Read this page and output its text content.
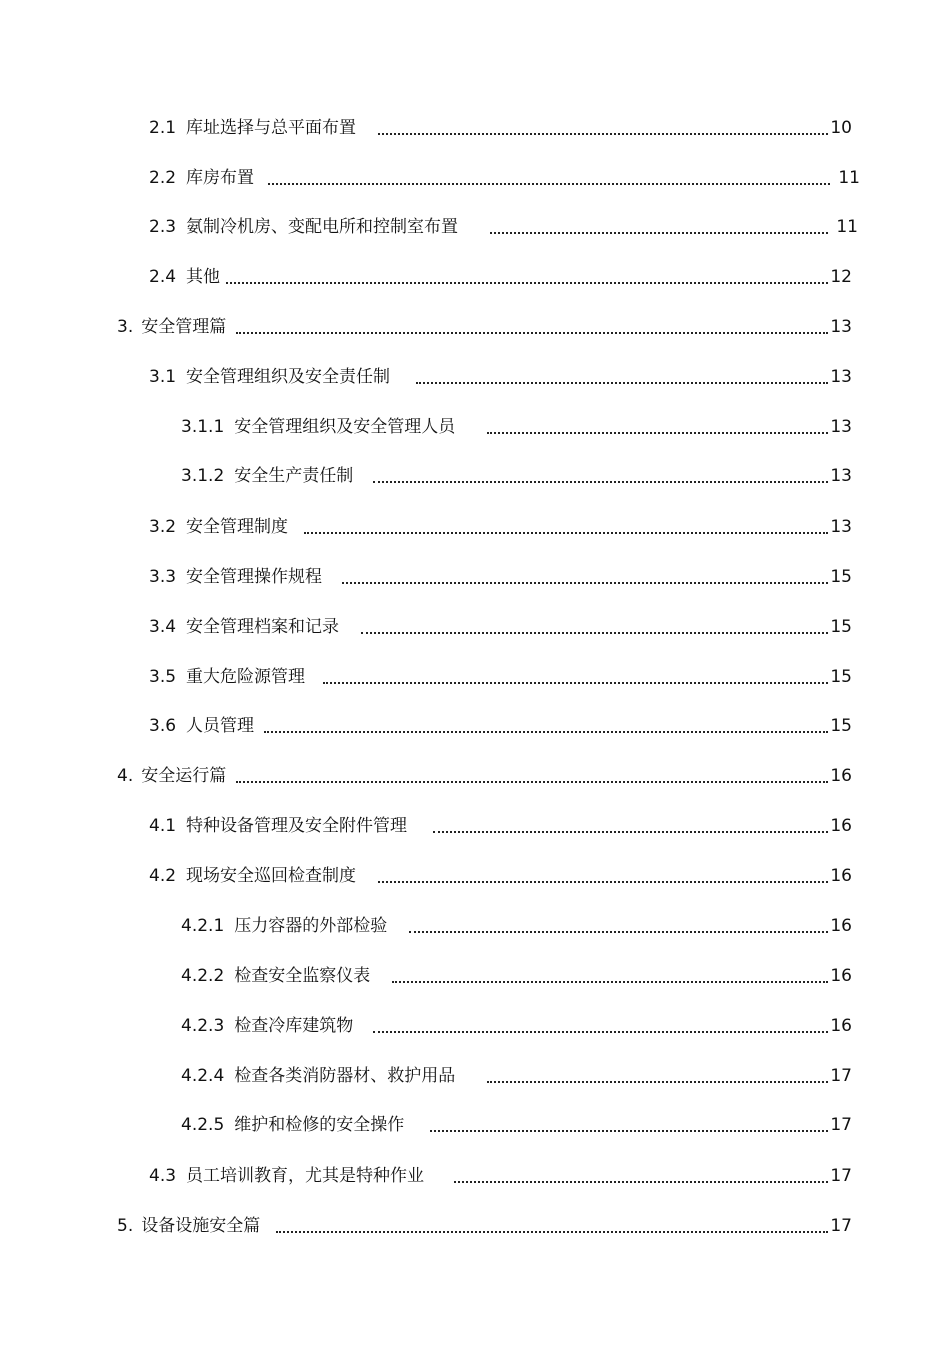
2.1 库址选择与总平面布置	10
2.2 库房布置	11
2.3 氨制冷机房、变配电所和控制室布置	11
2.4 其他	12
3. 安全管理篇	13
3.1 安全管理组织及安全责任制	13
3.1.1 安全管理组织及安全管理人员	13
3.1.2 安全生产责任制	13
3.2 安全管理制度	13
3.3 安全管理操作规程	15
3.4 安全管理档案和记录	15
3.5 重大危险源管理	15
3.6 人员管理	15
4. 安全运行篇	16
4.1 特种设备管理及安全附件管理	16
4.2 现场安全巡回检查制度	16
4.2.1 压力容器的外部检验	16
4.2.2 检查安全监察仪表	16
4.2.3 检查冷库建筑物	16
4.2.4 检查各类消防器材、救护用品	17
4.2.5 维护和检修的安全操作	17
4.3 员工培训教育，尤其是特种作业	17
5. 设备设施安全篇	17
